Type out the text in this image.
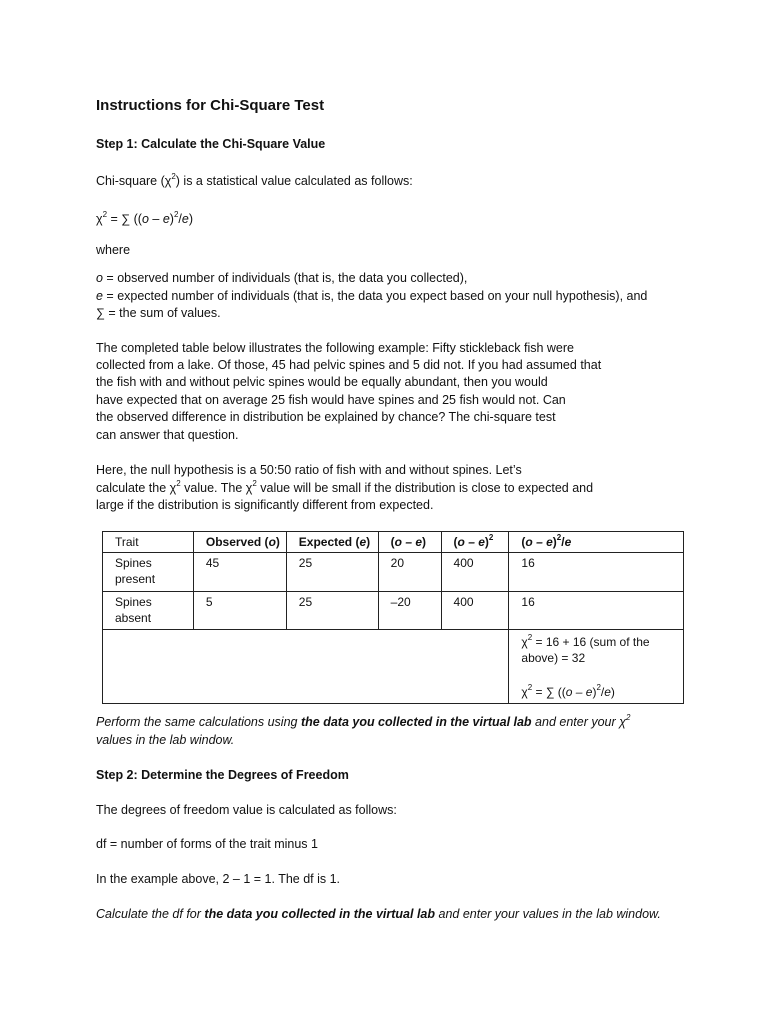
Instructions for Chi-Square Test
Step 1: Calculate the Chi-Square Value
Chi-square $(\chi^2)$ is a statistical value calculated as follows:
$\chi^2$ = ∑ ((o – e)$^2$/e)
where
o = observed number of individuals (that is, the data you collected),
e = expected number of individuals (that is, the data you expect based on your null hypothesis), and
∑ = the sum of values.
The completed table below illustrates the following example: Fifty stickleback fish were
collected from a lake. Of those, 45 had pelvic spines and 5 did not. If you had assumed that
the fish with and without pelvic spines would be equally abundant, then you would
have expected that on average 25 fish would have spines and 25 fish would not. Can
the observed difference in distribution be explained by chance? The chi-square test
can answer that question.
Here, the null hypothesis is a 50:50 ratio of fish with and without spines. Let’s
calculate the $\chi^2$ value. The $\chi^2$ value will be small if the distribution is close to expected and
large if the distribution is significantly different from expected.
Trait	Observed (o)	Expected (e)	(o – e)	(o – e)$^2$	(o – e)$^2$/e
Spines
present	45	25	20	400	16
Spines
absent	5	25	–20	400	16

					$\chi^2 = 16 + 16$ (sum of the
above) = 32
$\chi^2$ = ∑ ((o – e)$^2$/e)
Perform the same calculations using the data you collected in the virtual lab and enter your $\chi^2$
values in the lab window.
Step 2: Determine the Degrees of Freedom
The degrees of freedom value is calculated as follows:
df = number of forms of the trait minus 1
In the example above, 2 – 1 = 1. The df is 1.
Calculate the df for the data you collected in the virtual lab and enter your values in the lab window.
